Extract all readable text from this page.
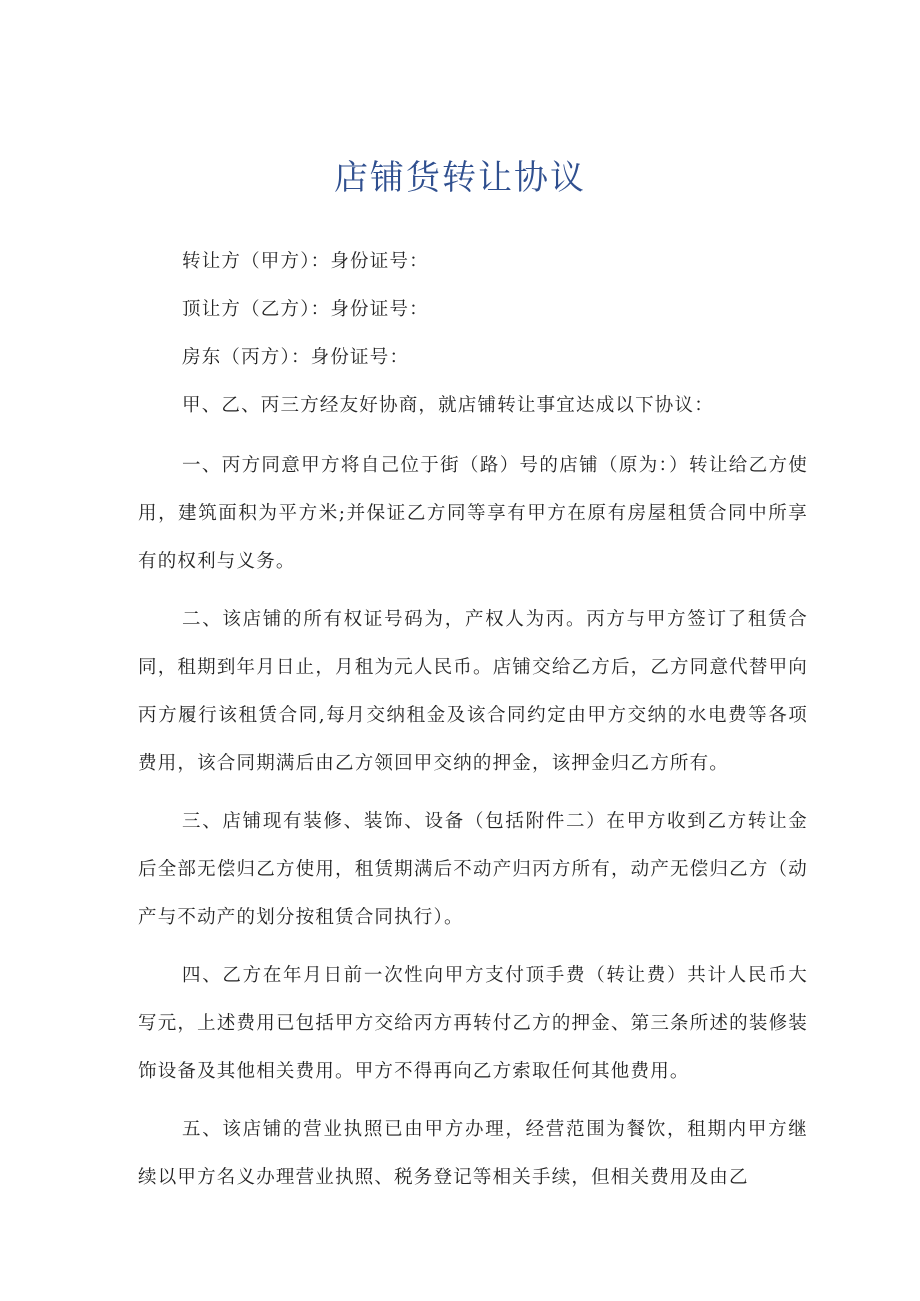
店铺货转让协议

转让方（甲方）：身份证号：

顶让方（乙方）：身份证号：

房东（丙方）：身份证号：

甲、乙、丙三方经友好协商，就店铺转让事宜达成以下协议：

一、丙方同意甲方将自己位于街（路）号的店铺（原为：）转让给乙方使用，建筑面积为平方米;并保证乙方同等享有甲方在原有房屋租赁合同中所享有的权利与义务。

二、该店铺的所有权证号码为，产权人为丙。丙方与甲方签订了租赁合同，租期到年月日止，月租为元人民币。店铺交给乙方后，乙方同意代替甲向丙方履行该租赁合同,每月交纳租金及该合同约定由甲方交纳的水电费等各项费用，该合同期满后由乙方领回甲交纳的押金，该押金归乙方所有。

三、店铺现有装修、装饰、设备（包括附件二）在甲方收到乙方转让金后全部无偿归乙方使用，租赁期满后不动产归丙方所有，动产无偿归乙方（动产与不动产的划分按租赁合同执行）。

四、乙方在年月日前一次性向甲方支付顶手费（转让费）共计人民币大写元，上述费用已包括甲方交给丙方再转付乙方的押金、第三条所述的装修装饰设备及其他相关费用。甲方不得再向乙方索取任何其他费用。

五、该店铺的营业执照已由甲方办理，经营范围为餐饮，租期内甲方继续以甲方名义办理营业执照、税务登记等相关手续，但相关费用及由乙
